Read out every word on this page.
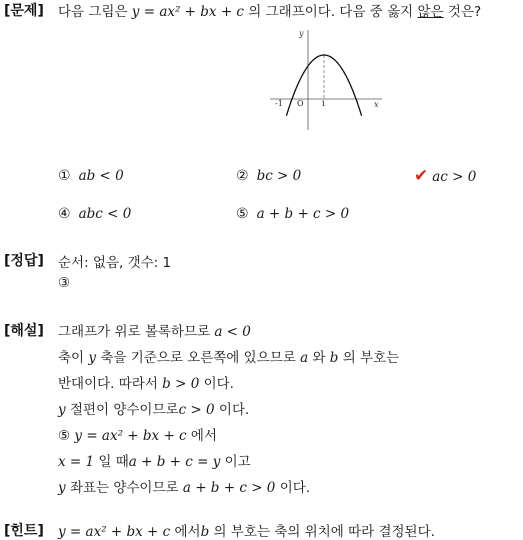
[문제] 다음 그림은 y = ax² + bx + c 의 그래프이다. 다음 중 옳지 않은 것은?
y
x
-1 O 1
① ab < 0	② bc > 0	✔ ac > 0
④ abc < 0	⑤ a + b + c > 0
[정답] 순서: 없음, 갯수: 1
③
[해설] 그래프가 위로 볼록하므로 a < 0
축이 y 축을 기준으로 오른쪽에 있으므로 a 와 b 의 부호는
반대이다. 따라서 b > 0 이다.
y 절편이 양수이므로c > 0 이다.
⑤ y = ax² + bx + c 에서
x = 1 일 때a + b + c = y 이고
y 좌표는 양수이므로 a + b + c > 0 이다.
[힌트] y = ax² + bx + c 에서b 의 부호는 축의 위치에 따라 결정된다.
